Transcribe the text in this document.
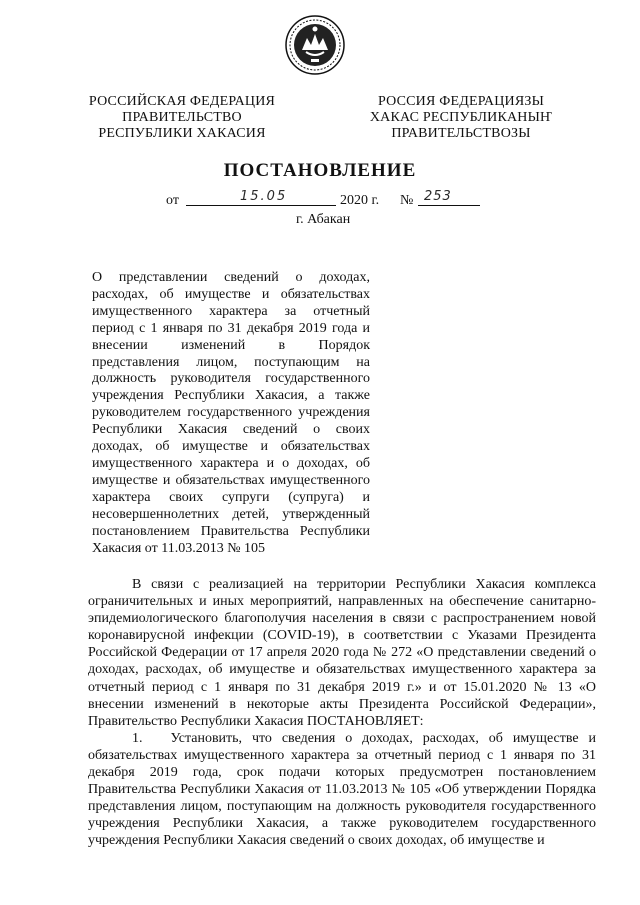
РОССИЙСКАЯ ФЕДЕРАЦИЯ
ПРАВИТЕЛЬСТВО
РЕСПУБЛИКИ ХАКАСИЯ
РОССИЯ ФЕДЕРАЦИЯЗЫ
ХАКАС РЕСПУБЛИКАНЫҤ
ПРАВИТЕЛЬСТВОЗЫ
ПОСТАНОВЛЕНИЕ
от	15.05	2020 г. № 253
г. Абакан
О представлении сведений о доходах, расходах, об имуществе и обязательствах имущественного характера за отчетный период с 1 января по 31 декабря 2019 года и внесении изменений в Порядок представления лицом, поступающим на должность руководителя государственного учреждения Республики Хакасия, а также руководителем государственного учреждения Республики Хакасия сведений о своих доходах, об имуществе и обязательствах имущественного характера и о доходах, об имуществе и обязательствах имущественного характера своих супруги (супруга) и несовершеннолетних детей, утвержденный постановлением Правительства Республики Хакасия от 11.03.2013 № 105

В связи с реализацией на территории Республики Хакасия комплекса ограничительных и иных мероприятий, направленных на обеспечение санитарно-эпидемиологического благополучия населения в связи с распространением новой коронавирусной инфекции (COVID-19), в соответствии с Указами Президента Российской Федерации от 17 апреля 2020 года № 272 «О представлении сведений о доходах, расходах, об имуществе и обязательствах имущественного характера за отчетный период с 1 января по 31 декабря 2019 г.» и от 15.01.2020 № 13 «О внесении изменений в некоторые акты Президента Российской Федерации», Правительство Республики Хакасия ПОСТАНОВЛЯЕТ:

1.  Установить, что сведения о доходах, расходах, об имуществе и обязательствах имущественного характера за отчетный период с 1 января по 31 декабря 2019 года, срок подачи которых предусмотрен постановлением Правительства Республики Хакасия от 11.03.2013 № 105 «Об утверждении Порядка представления лицом, поступающим на должность руководителя государственного учреждения Республики Хакасия, а также руководителем государственного учреждения Республики Хакасия сведений о своих доходах, об имуществе и
